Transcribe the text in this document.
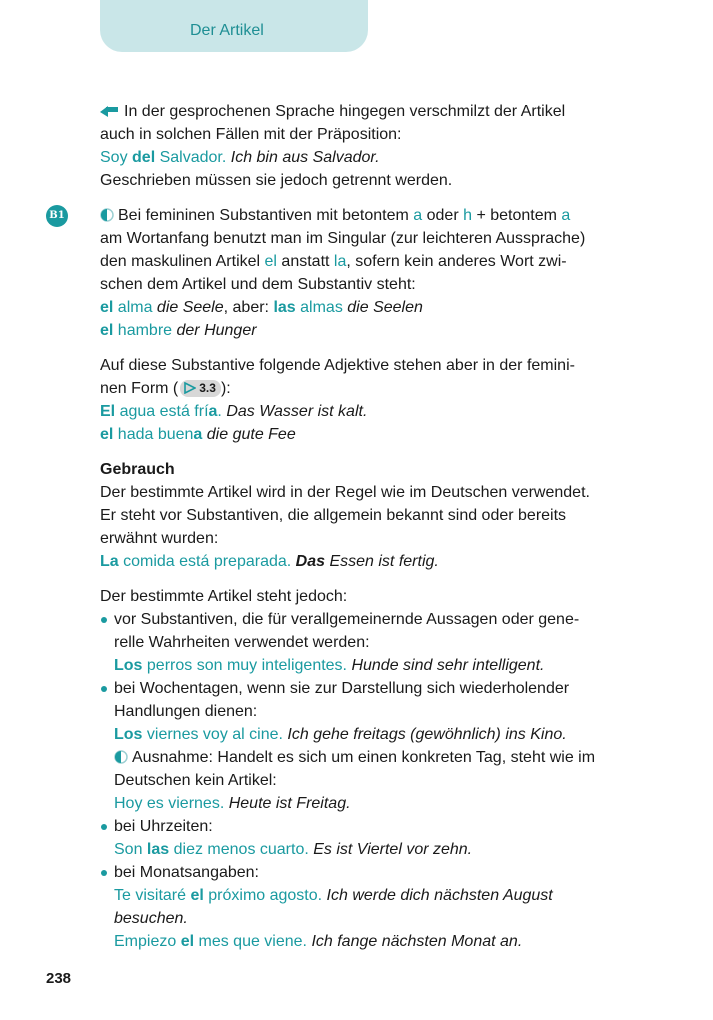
Der Artikel
B1
In der gesprochenen Sprache hingegen verschmilzt der Artikel
auch in solchen Fällen mit der Präposition:
Soy del Salvador. Ich bin aus Salvador.
Geschrieben müssen sie jedoch getrennt werden.
Bei femininen Substantiven mit betontem a oder h + betontem a
am Wortanfang benutzt man im Singular (zur leichteren Aussprache)
den maskulinen Artikel el anstatt la, sofern kein anderes Wort zwi-
schen dem Artikel und dem Substantiv steht:
el alma die Seele, aber: las almas die Seelen
el hambre der Hunger
Auf diese Substantive folgende Adjektive stehen aber in der femini-
nen Form ( 3.3 ):
El agua está fría. Das Wasser ist kalt.
el hada buena die gute Fee
Gebrauch
Der bestimmte Artikel wird in der Regel wie im Deutschen verwendet.
Er steht vor Substantiven, die allgemein bekannt sind oder bereits
erwähnt wurden:
La comida está preparada. Das Essen ist fertig.
Der bestimmte Artikel steht jedoch:
vor Substantiven, die für verallgemeinernde Aussagen oder gene-
relle Wahrheiten verwendet werden:
Los perros son muy inteligentes. Hunde sind sehr intelligent.
bei Wochentagen, wenn sie zur Darstellung sich wiederholender
Handlungen dienen:
Los viernes voy al cine. Ich gehe freitags (gewöhnlich) ins Kino.
Ausnahme: Handelt es sich um einen konkreten Tag, steht wie im
Deutschen kein Artikel:
Hoy es viernes. Heute ist Freitag.
bei Uhrzeiten:
Son las diez menos cuarto. Es ist Viertel vor zehn.
bei Monatsangaben:
Te visitaré el próximo agosto. Ich werde dich nächsten August
besuchen.
Empiezo el mes que viene. Ich fange nächsten Monat an.
238
